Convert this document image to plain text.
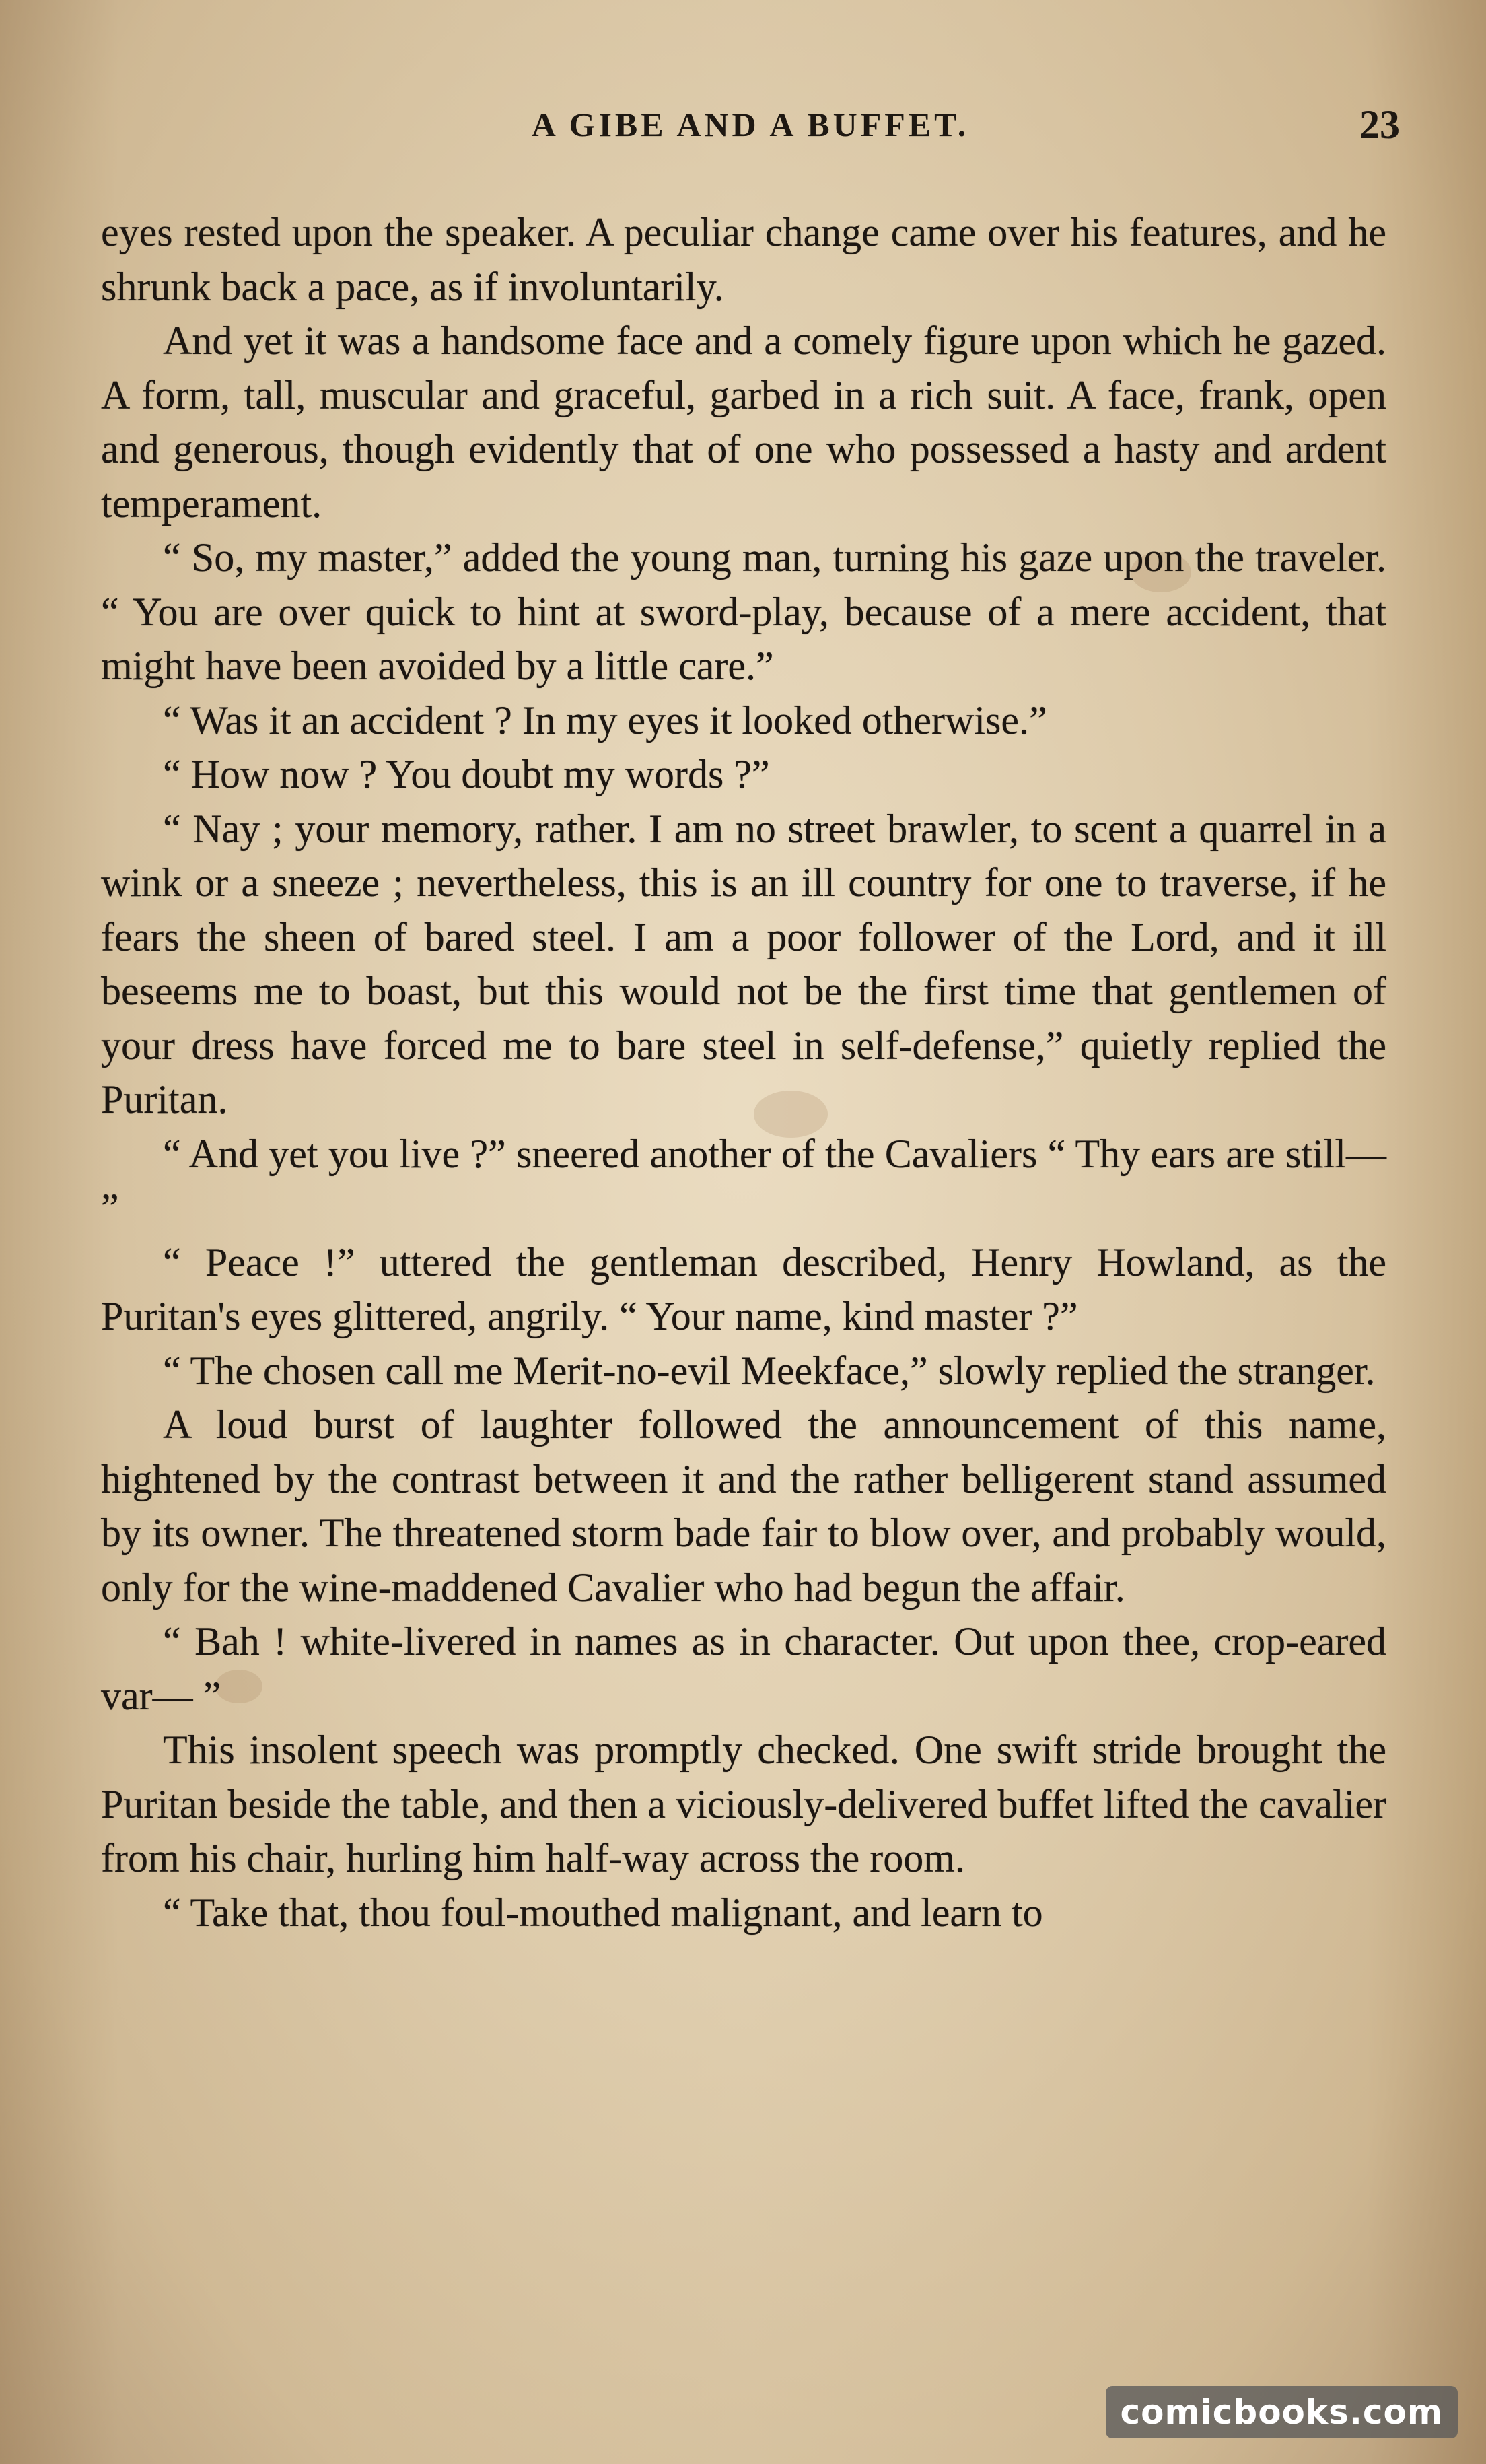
A GIBE AND A BUFFET.	23

eyes rested upon the speaker. A peculiar change came over his features, and he shrunk back a pace, as if involuntarily.

And yet it was a handsome face and a comely figure upon which he gazed. A form, tall, muscular and graceful, garbed in a rich suit. A face, frank, open and generous, though evidently that of one who possessed a hasty and ardent temperament.

“ So, my master,” added the young man, turning his gaze upon the traveler. “ You are over quick to hint at sword-play, because of a mere accident, that might have been avoided by a little care.”

“ Was it an accident ? In my eyes it looked otherwise.”

“ How now ? You doubt my words ?”

“ Nay ; your memory, rather. I am no street brawler, to scent a quarrel in a wink or a sneeze ; nevertheless, this is an ill country for one to traverse, if he fears the sheen of bared steel. I am a poor follower of the Lord, and it ill beseems me to boast, but this would not be the first time that gentlemen of your dress have forced me to bare steel in self-defense,” quietly replied the Puritan.

“ And yet you live ?” sneered another of the Cavaliers “ Thy ears are still— ”

“ Peace !” uttered the gentleman described, Henry Howland, as the Puritan's eyes glittered, angrily. “ Your name, kind master ?”

“ The chosen call me Merit-no-evil Meekface,” slowly replied the stranger.

A loud burst of laughter followed the announcement of this name, hightened by the contrast between it and the rather belligerent stand assumed by its owner. The threatened storm bade fair to blow over, and probably would, only for the wine-maddened Cavalier who had begun the affair.

“ Bah ! white-livered in names as in character. Out upon thee, crop-eared var— ”

This insolent speech was promptly checked. One swift stride brought the Puritan beside the table, and then a viciously-delivered buffet lifted the cavalier from his chair, hurling him half-way across the room.

“ Take that, thou foul-mouthed malignant, and learn to

comicbooks.com
